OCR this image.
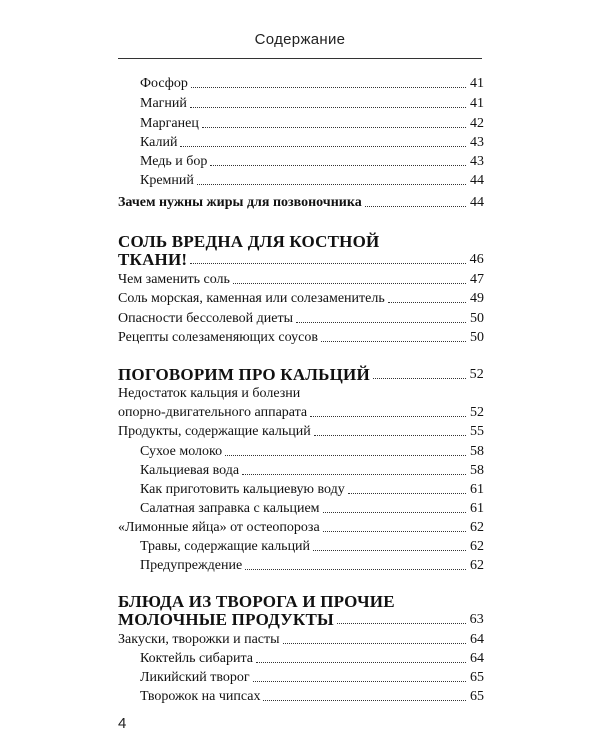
Содержание
Фосфор	41
Магний	41
Марганец	42
Калий	43
Медь и бор	43
Кремний	44
Зачем нужны жиры для позвоночника	44
СОЛЬ ВРЕДНА ДЛЯ КОСТНОЙ
ТКАНИ!	46
Чем заменить соль	47
Соль морская, каменная или солезаменитель	49
Опасности бессолевой диеты	50
Рецепты солезаменяющих соусов	50
ПОГОВОРИМ ПРО КАЛЬЦИЙ	52
Недостаток кальция и болезни
опорно-двигательного аппарата	52
Продукты, содержащие кальций	55
Сухое молоко	58
Кальциевая вода	58
Как приготовить кальциевую воду	61
Салатная заправка с кальцием	61
«Лимонные яйца» от остеопороза	62
Травы, содержащие кальций	62
Предупреждение	62
БЛЮДА ИЗ ТВОРОГА И ПРОЧИЕ
МОЛОЧНЫЕ ПРОДУКТЫ	63
Закуски, творожки и пасты	64
Коктейль сибарита	64
Ликийский творог	65
Творожок на чипсах	65
4
